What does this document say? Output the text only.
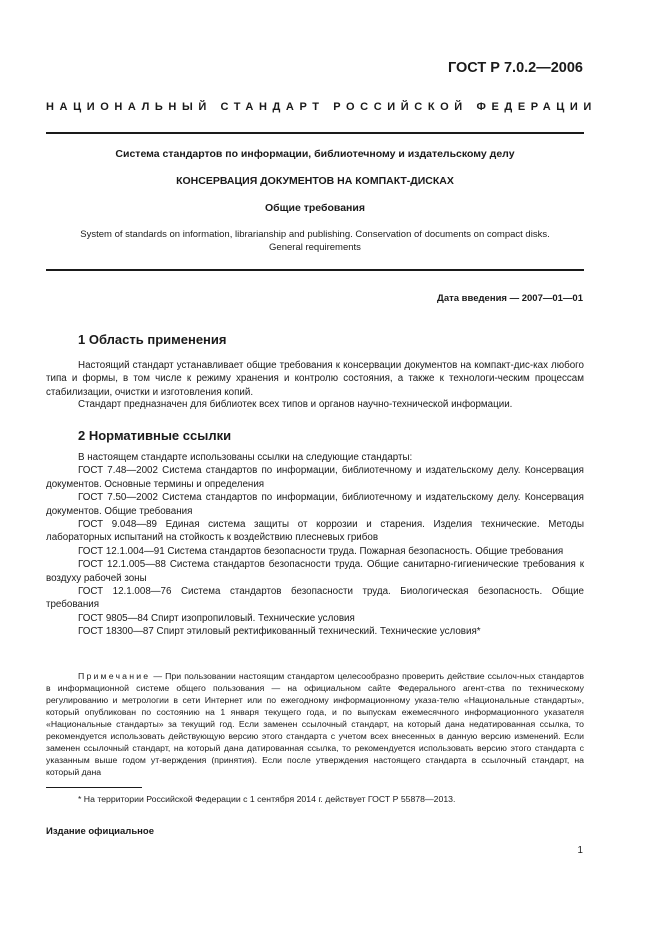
ГОСТ Р 7.0.2—2006
НАЦИОНАЛЬНЫЙ СТАНДАРТ РОССИЙСКОЙ ФЕДЕРАЦИИ
Система стандартов по информации, библиотечному и издательскому делу
КОНСЕРВАЦИЯ ДОКУМЕНТОВ НА КОМПАКТ-ДИСКАХ
Общие требования
System of standards on information, librarianship and publishing. Conservation of documents on compact disks.
General requirements
Дата введения — 2007—01—01
1 Область применения
Настоящий стандарт устанавливает общие требования к консервации документов на компакт-дис-ках любого типа и формы, в том числе к режиму хранения и контролю состояния, а также к технологи-ческим процессам стабилизации, очистки и изготовления копий.
Стандарт предназначен для библиотек всех типов и органов научно-технической информации.
2 Нормативные ссылки

В настоящем стандарте использованы ссылки на следующие стандарты:

ГОСТ 7.48—2002 Система стандартов по информации, библиотечному и издательскому делу. Консервация документов. Основные термины и определения

ГОСТ 7.50—2002 Система стандартов по информации, библиотечному и издательскому делу. Консервация документов. Общие требования

ГОСТ 9.048—89 Единая система защиты от коррозии и старения. Изделия технические. Методы лабораторных испытаний на стойкость к воздействию плесневых грибов

ГОСТ 12.1.004—91 Система стандартов безопасности труда. Пожарная безопасность. Общие требования

ГОСТ 12.1.005—88 Система стандартов безопасности труда. Общие санитарно-гигиенические требования к воздуху рабочей зоны

ГОСТ 12.1.008—76 Система стандартов безопасности труда. Биологическая безопасность. Общие требования

ГОСТ 9805—84 Спирт изопропиловый. Технические условия

ГОСТ 18300—87 Спирт этиловый ректификованный технический. Технические условия*

Примечание — При пользовании настоящим стандартом целесообразно проверить действие ссылоч-ных стандартов в информационной системе общего пользования — на официальном сайте Федерального агент-ства по техническому регулированию и метрологии в сети Интернет или по ежегодному информационному указа-телю «Национальные стандарты», который опубликован по состоянию на 1 января текущего года, и по выпускам ежемесячного информационного указателя «Национальные стандарты» за текущий год. Если заменен ссылочный стандарт, на который дана недатированная ссылка, то рекомендуется использовать действующую версию этого стандарта с учетом всех внесенных в данную версию изменений. Если заменен ссылочный стандарт, на который дана датированная ссылка, то рекомендуется использовать версию этого стандарта с указанным выше годом ут-верждения (принятия). Если после утверждения настоящего стандарта в ссылочный стандарт, на который дана
* На территории Российской Федерации с 1 сентября 2014 г. действует ГОСТ Р 55878—2013.
Издание официальное
1
